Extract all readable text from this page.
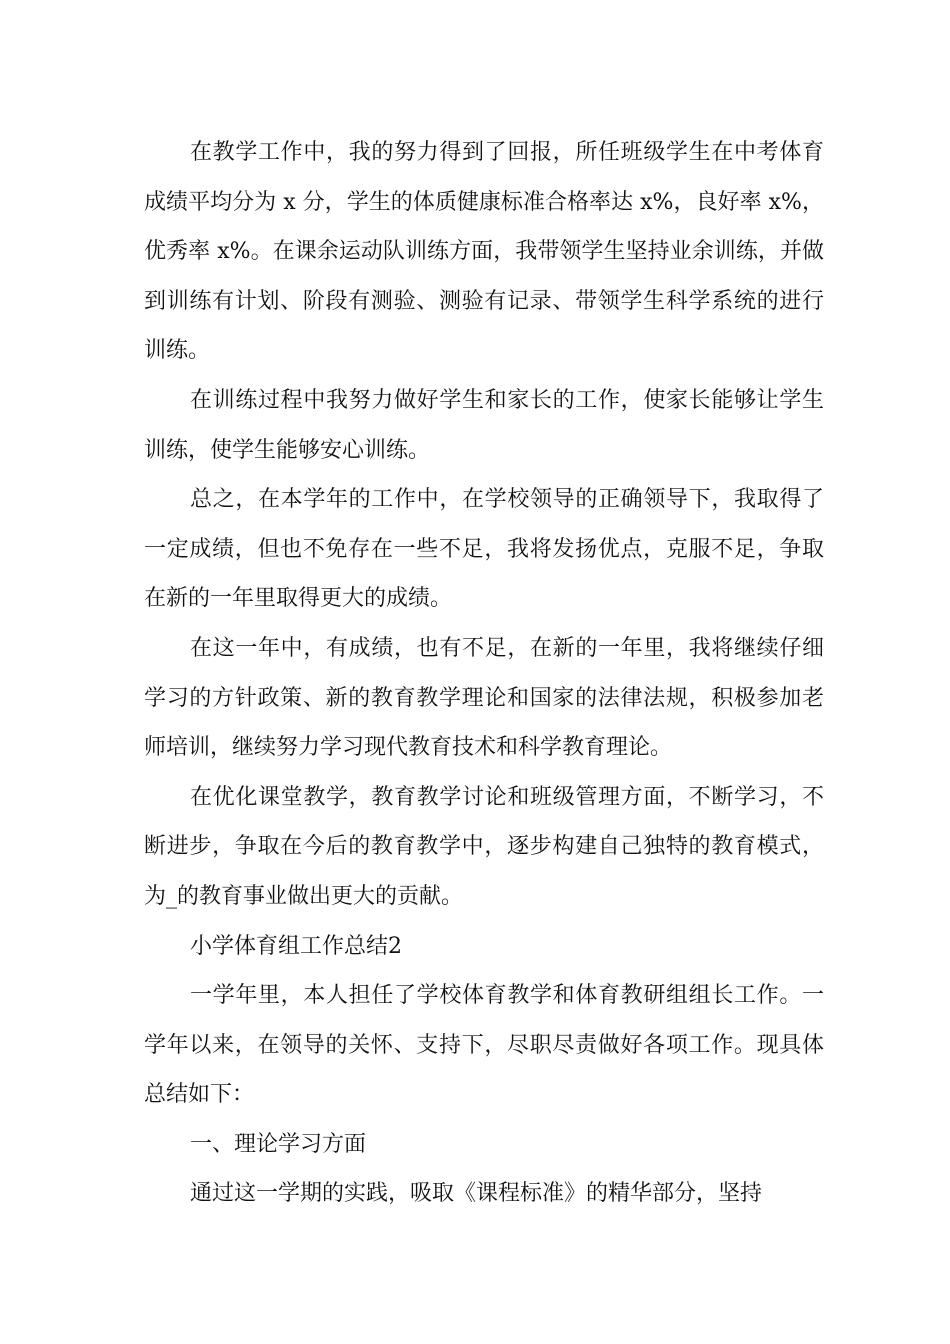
在教学工作中，我的努力得到了回报，所任班级学生在中考体育成绩平均分为 x 分，学生的体质健康标准合格率达 x%，良好率 x%，优秀率 x%。在课余运动队训练方面，我带领学生坚持业余训练，并做到训练有计划、阶段有测验、测验有记录、带领学生科学系统的进行训练。

在训练过程中我努力做好学生和家长的工作，使家长能够让学生训练，使学生能够安心训练。

总之，在本学年的工作中，在学校领导的正确领导下，我取得了一定成绩，但也不免存在一些不足，我将发扬优点，克服不足，争取在新的一年里取得更大的成绩。

在这一年中，有成绩，也有不足，在新的一年里，我将继续仔细学习的方针政策、新的教育教学理论和国家的法律法规，积极参加老师培训，继续努力学习现代教育技术和科学教育理论。

在优化课堂教学，教育教学讨论和班级管理方面，不断学习，不断进步，争取在今后的教育教学中，逐步构建自己独特的教育模式，为_的教育事业做出更大的贡献。

小学体育组工作总结2

一学年里，本人担任了学校体育教学和体育教研组组长工作。一学年以来，在领导的关怀、支持下，尽职尽责做好各项工作。现具体总结如下：

一、理论学习方面

通过这一学期的实践，吸取《课程标准》的精华部分，坚持
